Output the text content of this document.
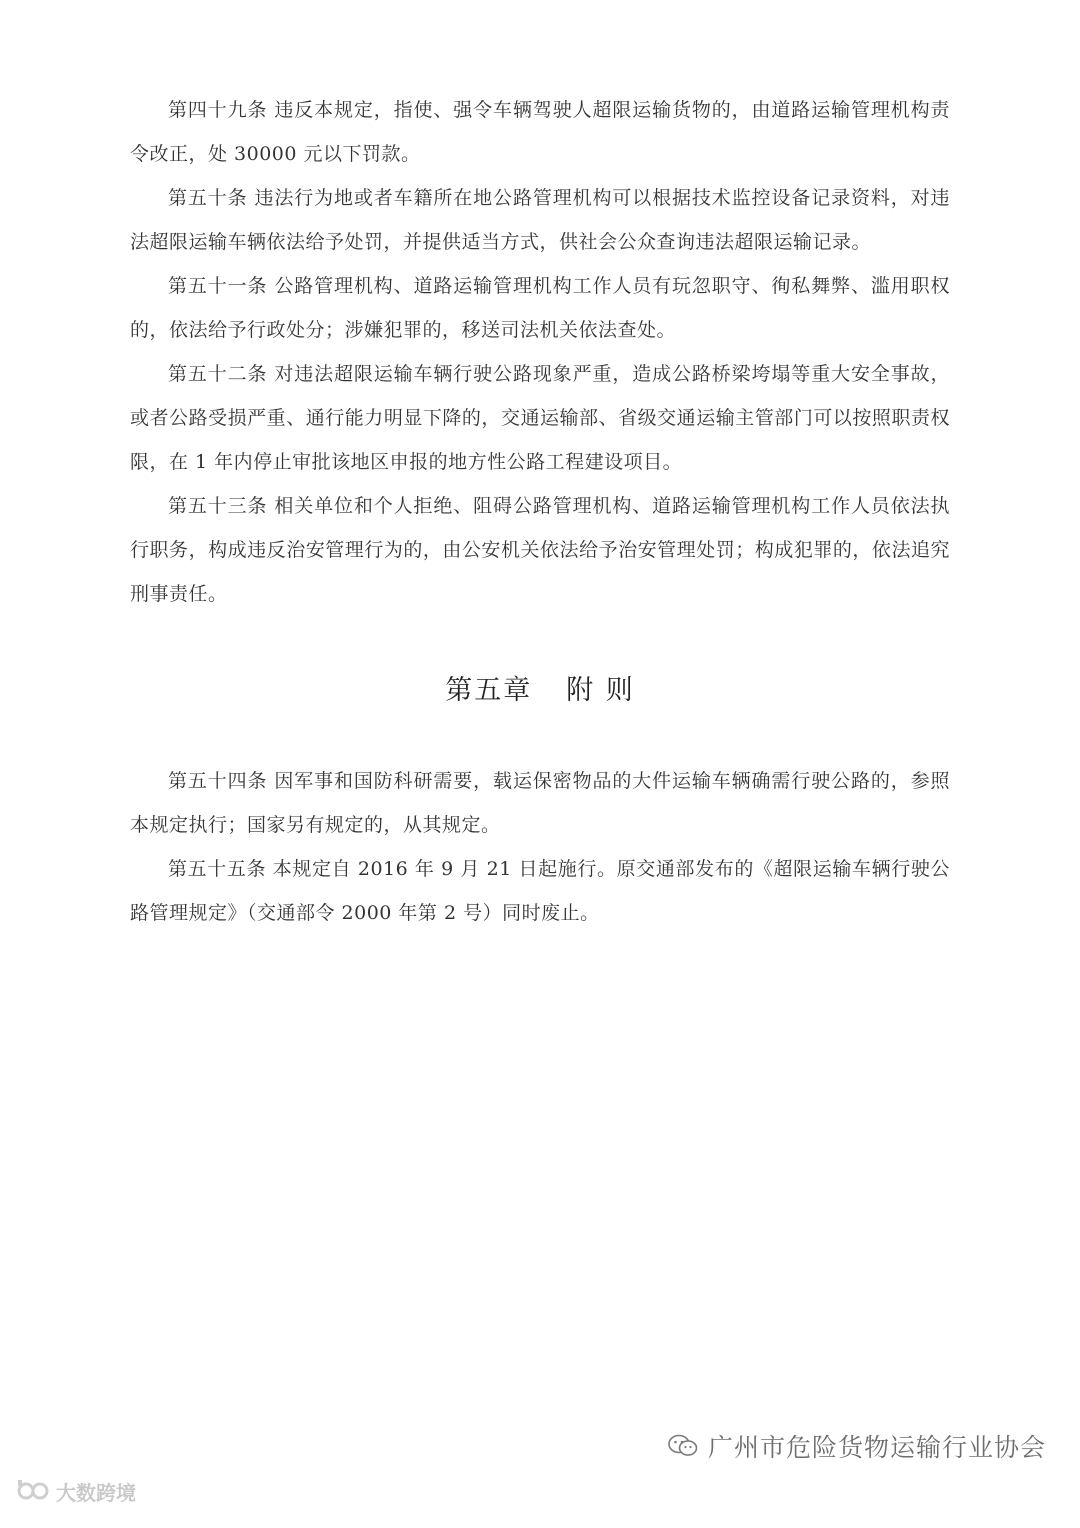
第四十九条 违反本规定，指使、强令车辆驾驶人超限运输货物的，由道路运输管理机构责令改正，处 30000 元以下罚款。

第五十条 违法行为地或者车籍所在地公路管理机构可以根据技术监控设备记录资料，对违法超限运输车辆依法给予处罚，并提供适当方式，供社会公众查询违法超限运输记录。

第五十一条 公路管理机构、道路运输管理机构工作人员有玩忽职守、徇私舞弊、滥用职权的，依法给予行政处分；涉嫌犯罪的，移送司法机关依法查处。

第五十二条 对违法超限运输车辆行驶公路现象严重，造成公路桥梁垮塌等重大安全事故，或者公路受损严重、通行能力明显下降的，交通运输部、省级交通运输主管部门可以按照职责权限，在 1 年内停止审批该地区申报的地方性公路工程建设项目。

第五十三条 相关单位和个人拒绝、阻碍公路管理机构、道路运输管理机构工作人员依法执行职务，构成违反治安管理行为的，由公安机关依法给予治安管理处罚；构成犯罪的，依法追究刑事责任。

第五章 附 则

第五十四条 因军事和国防科研需要，载运保密物品的大件运输车辆确需行驶公路的，参照本规定执行；国家另有规定的，从其规定。

第五十五条 本规定自 2016 年 9 月 21 日起施行。原交通部发布的《超限运输车辆行驶公路管理规定》（交通部令 2000 年第 2 号）同时废止。

广州市危险货物运输行业协会
大数跨境
